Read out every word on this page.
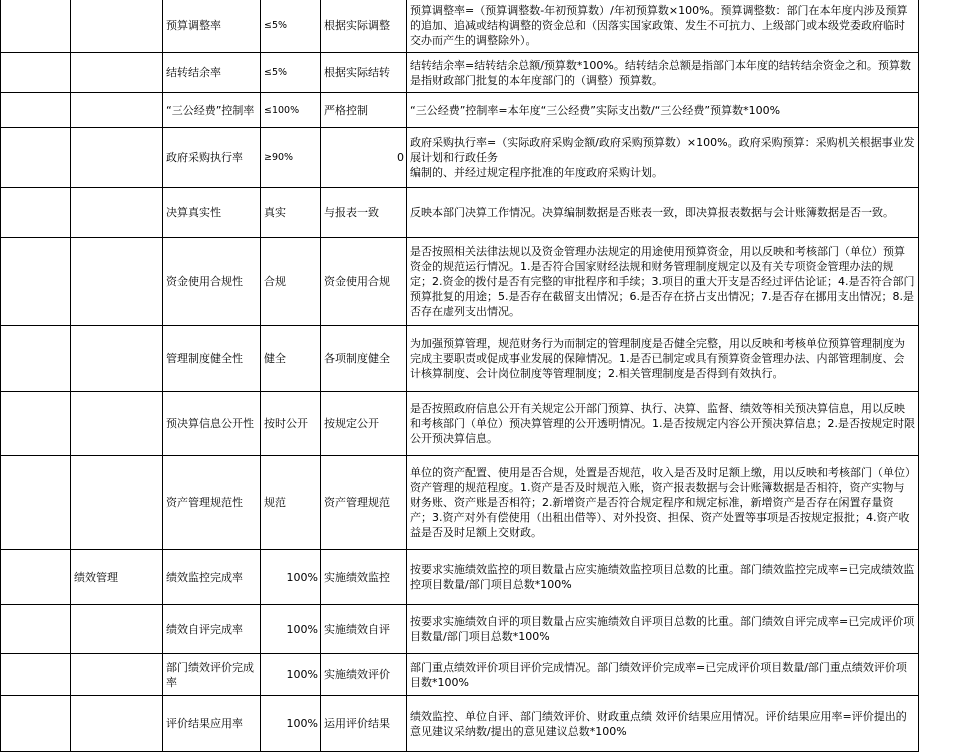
		预算调整率	≤5%	根据实际调整	预算调整率=（预算调整数-年初预算数）/年初预算数×100%。预算调整数：部门在本年度内涉及预算的追加、追减或结构调整的资金总和（因落实国家政策、发生不可抗力、上级部门或本级党委政府临时交办而产生的调整除外）。
		结转结余率	≤5%	根据实际结转	结转结余率=结转结余总额/预算数*100%。结转结余总额是指部门本年度的结转结余资金之和。预算数是指财政部门批复的本年度部门的（调整）预算数。
		“三公经费”控制率	≤100%	严格控制	“三公经费”控制率=本年度“三公经费”实际支出数/“三公经费”预算数*100%
		政府采购执行率	≥90%	0	政府采购执行率=（实际政府采购金额/政府采购预算数）×100%。政府采购预算：采购机关根据事业发展计划和行政任务
编制的、并经过规定程序批准的年度政府采购计划。

		决算真实性	真实	与报表一致	反映本部门决算工作情况。决算编制数据是否账表一致，即决算报表数据与会计账簿数据是否一致。
		资金使用合规性	合规	资金使用合规	是否按照相关法律法规以及资金管理办法规定的用途使用预算资金，用以反映和考核部门（单位）预算资金的规范运行情况。1.是否符合国家财经法规和财务管理制度规定以及有关专项资金管理办法的规定；2.资金的拨付是否有完整的审批程序和手续；3.项目的重大开支是否经过评估论证；4.是否符合部门预算批复的用途；5.是否存在截留支出情况；6.是否存在挤占支出情况；7.是否存在挪用支出情况；8.是否存在虚列支出情况。
		管理制度健全性	健全	各项制度健全	为加强预算管理，规范财务行为而制定的管理制度是否健全完整，用以反映和考核单位预算管理制度为完成主要职责或促成事业发展的保障情况。1.是否已制定或具有预算资金管理办法、内部管理制度、会计核算制度、会计岗位制度等管理制度；2.相关管理制度是否得到有效执行。
		预决算信息公开性	按时公开	按规定公开	是否按照政府信息公开有关规定公开部门预算、执行、决算、监督、绩效等相关预决算信息，用以反映和考核部门（单位）预决算管理的公开透明情况。1.是否按规定内容公开预决算信息；2.是否按规定时限公开预决算信息。
		资产管理规范性	规范	资产管理规范	单位的资产配置、使用是否合规，处置是否规范，收入是否及时足额上缴，用以反映和考核部门（单位）资产管理的规范程度。1.资产是否及时规范入账，资产报表数据与会计账簿数据是否相符，资产实物与财务账、资产账是否相符；2.新增资产是否符合规定程序和规定标准，新增资产是否存在闲置存量资产；3.资产对外有偿使用（出租出借等）、对外投资、担保、资产处置等事项是否按规定报批；4.资产收益是否及时足额上交财政。
	绩效管理	绩效监控完成率	100%	实施绩效监控	按要求实施绩效监控的项目数量占应实施绩效监控项目总数的比重。部门绩效监控完成率=已完成绩效监控项目数量/部门项目总数*100%
		绩效自评完成率	100%	实施绩效自评	按要求实施绩效自评的项目数量占应实施绩效自评项目总数的比重。部门绩效自评完成率=已完成评价项目数量/部门项目总数*100%
		部门绩效评价完成率	100%	实施绩效评价	部门重点绩效评价项目评价完成情况。部门绩效评价完成率=已完成评价项目数量/部门重点绩效评价项目数*100%
		评价结果应用率	100%	运用评价结果	绩效监控、单位自评、部门绩效评价、财政重点绩 效评价结果应用情况。评价结果应用率=评价提出的意见建议采纳数/提出的意见建议总数*100%
